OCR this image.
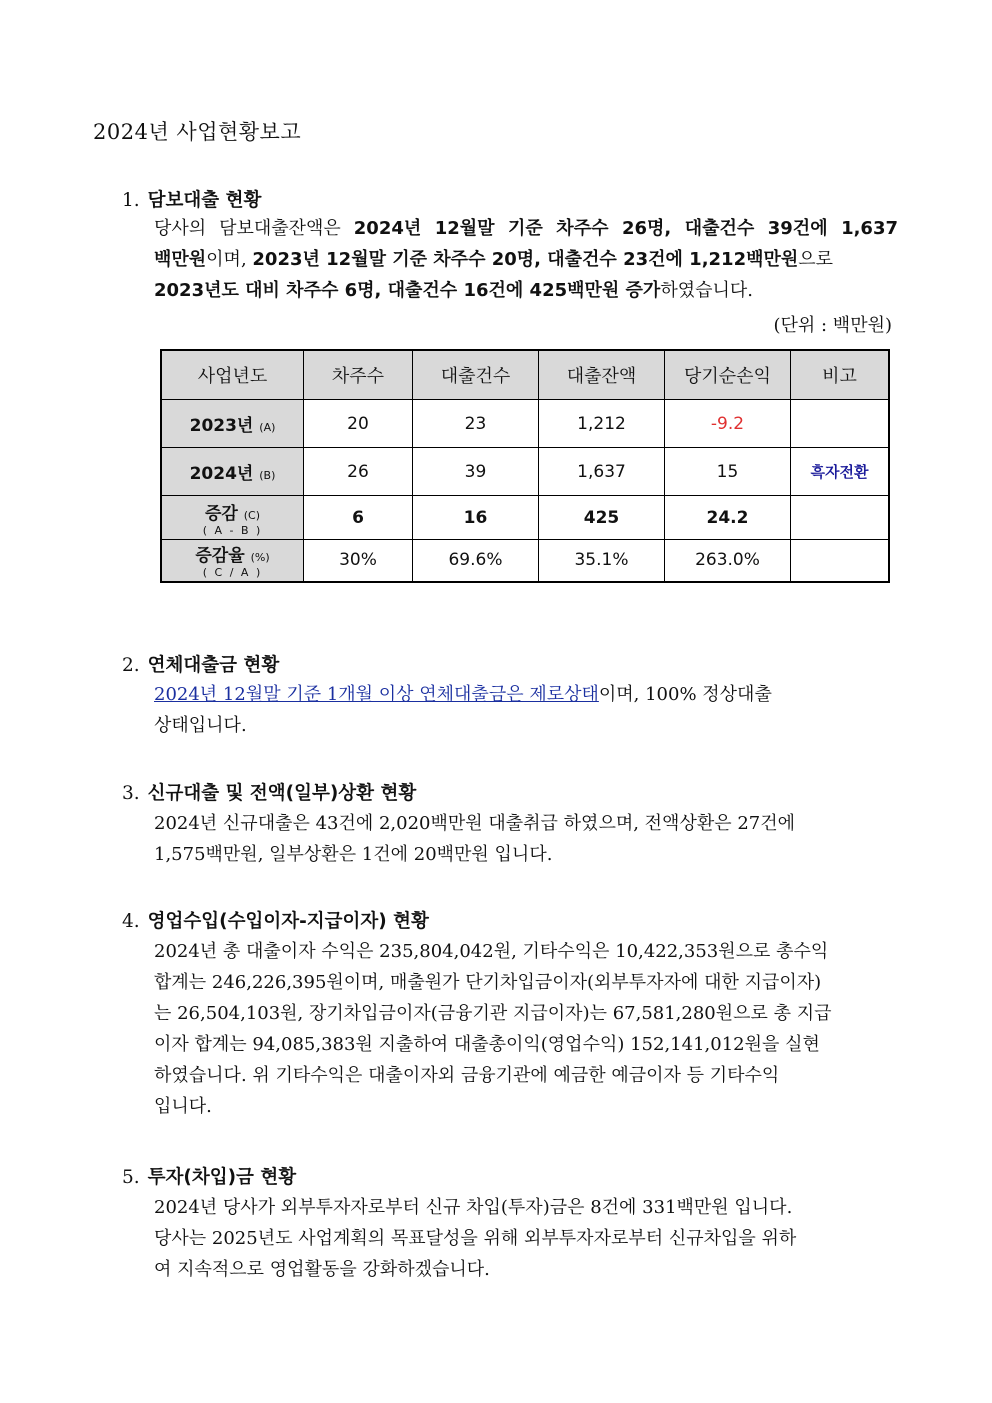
2024년 사업현황보고
1. 담보대출 현황
당사의 담보대출잔액은 2024년 12월말 기준 차주수 26명, 대출건수 39건에 1,637
백만원이며, 2023년 12월말 기준 차주수 20명, 대출건수 23건에 1,212백만원으로
2023년도 대비 차주수 6명, 대출건수 16건에 425백만원 증가하였습니다.
(단위 : 백만원)
사업년도	차주수	대출건수	대출잔액	당기순손익	비고
2023년 (A)	20	23	1,212	-9.2	
2024년 (B)	26	39	1,637	15	흑자전환
증감 (C)
( A - B )	6	16	425	24.2	
증감율 (%)
( C / A )	30%	69.6%	35.1%	263.0%	
2. 연체대출금 현황
2024년 12월말 기준 1개월 이상 연체대출금은 제로상태이며, 100% 정상대출
상태입니다.
3. 신규대출 및 전액(일부)상환 현황
2024년 신규대출은 43건에 2,020백만원 대출취급 하였으며, 전액상환은 27건에
1,575백만원, 일부상환은 1건에 20백만원 입니다.
4. 영업수입(수입이자-지급이자) 현황
2024년 총 대출이자 수익은 235,804,042원, 기타수익은 10,422,353원으로 총수익
합계는 246,226,395원이며, 매출원가 단기차입금이자(외부투자자에 대한 지급이자)
는 26,504,103원, 장기차입금이자(금융기관 지급이자)는 67,581,280원으로 총 지급
이자 합계는 94,085,383원 지출하여 대출총이익(영업수익) 152,141,012원을 실현
하였습니다. 위 기타수익은 대출이자외 금융기관에 예금한 예금이자 등 기타수익
입니다.
5. 투자(차입)금 현황
2024년 당사가 외부투자자로부터 신규 차입(투자)금은 8건에 331백만원 입니다.
당사는 2025년도 사업계획의 목표달성을 위해 외부투자자로부터 신규차입을 위하
여 지속적으로 영업활동을 강화하겠습니다.
